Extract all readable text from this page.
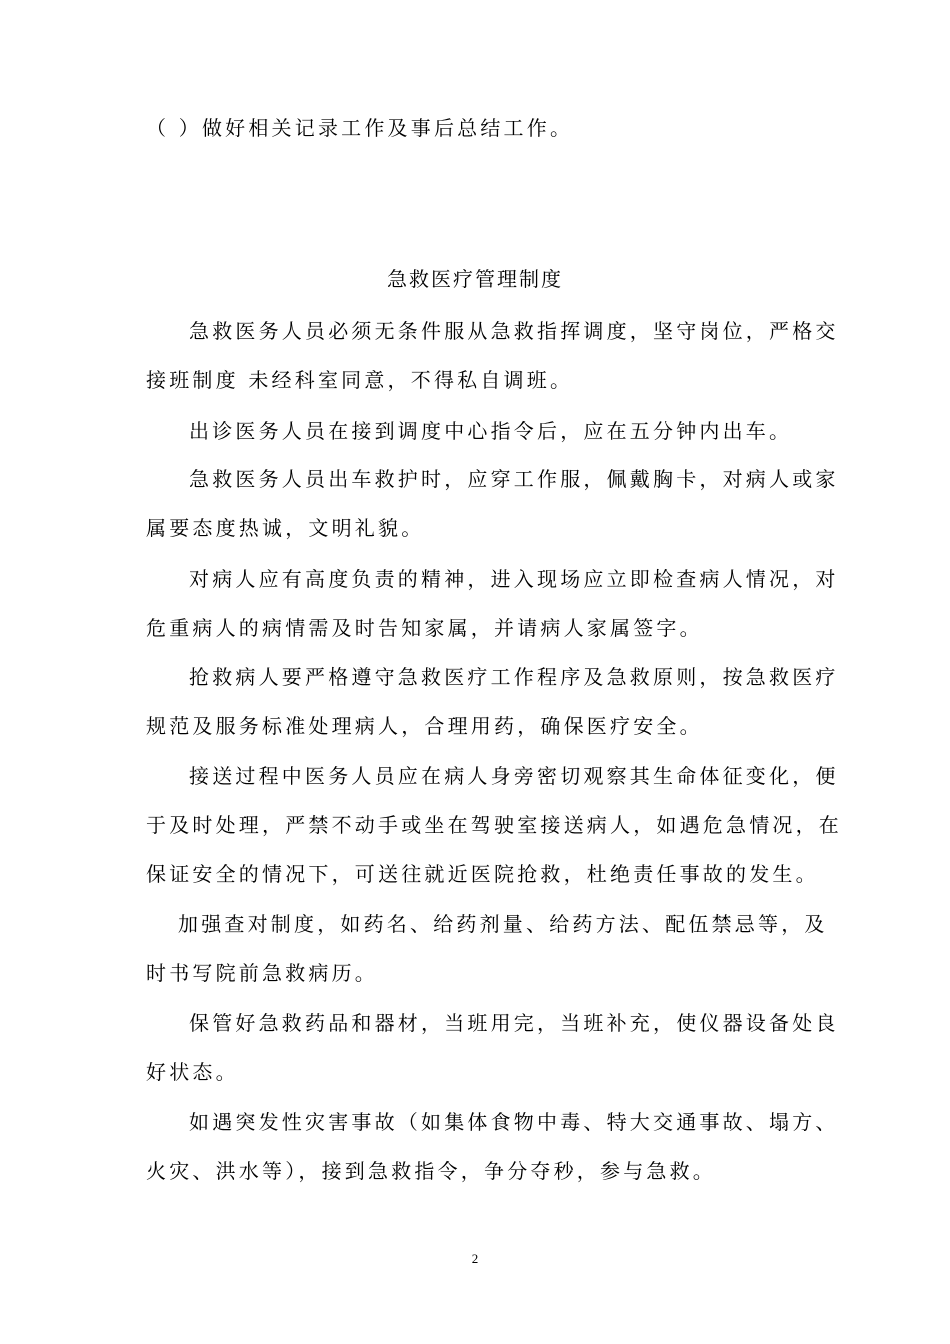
（ ）做好相关记录工作及事后总结工作。
急救医疗管理制度
急救医务人员必须无条件服从急救指挥调度，坚守岗位，严格交
接班制度 未经科室同意，不得私自调班。
出诊医务人员在接到调度中心指令后，应在五分钟内出车。
急救医务人员出车救护时，应穿工作服，佩戴胸卡，对病人或家
属要态度热诚，文明礼貌。
对病人应有高度负责的精神，进入现场应立即检查病人情况，对
危重病人的病情需及时告知家属，并请病人家属签字。
抢救病人要严格遵守急救医疗工作程序及急救原则，按急救医疗
规范及服务标准处理病人，合理用药，确保医疗安全。
接送过程中医务人员应在病人身旁密切观察其生命体征变化，便
于及时处理，严禁不动手或坐在驾驶室接送病人，如遇危急情况，在
保证安全的情况下，可送往就近医院抢救，杜绝责任事故的发生。
加强查对制度，如药名、给药剂量、给药方法、配伍禁忌等，及
时书写院前急救病历。
保管好急救药品和器材，当班用完，当班补充，使仪器设备处良
好状态。
如遇突发性灾害事故（如集体食物中毒、特大交通事故、塌方、
火灾、洪水等），接到急救指令，争分夺秒，参与急救。
2
